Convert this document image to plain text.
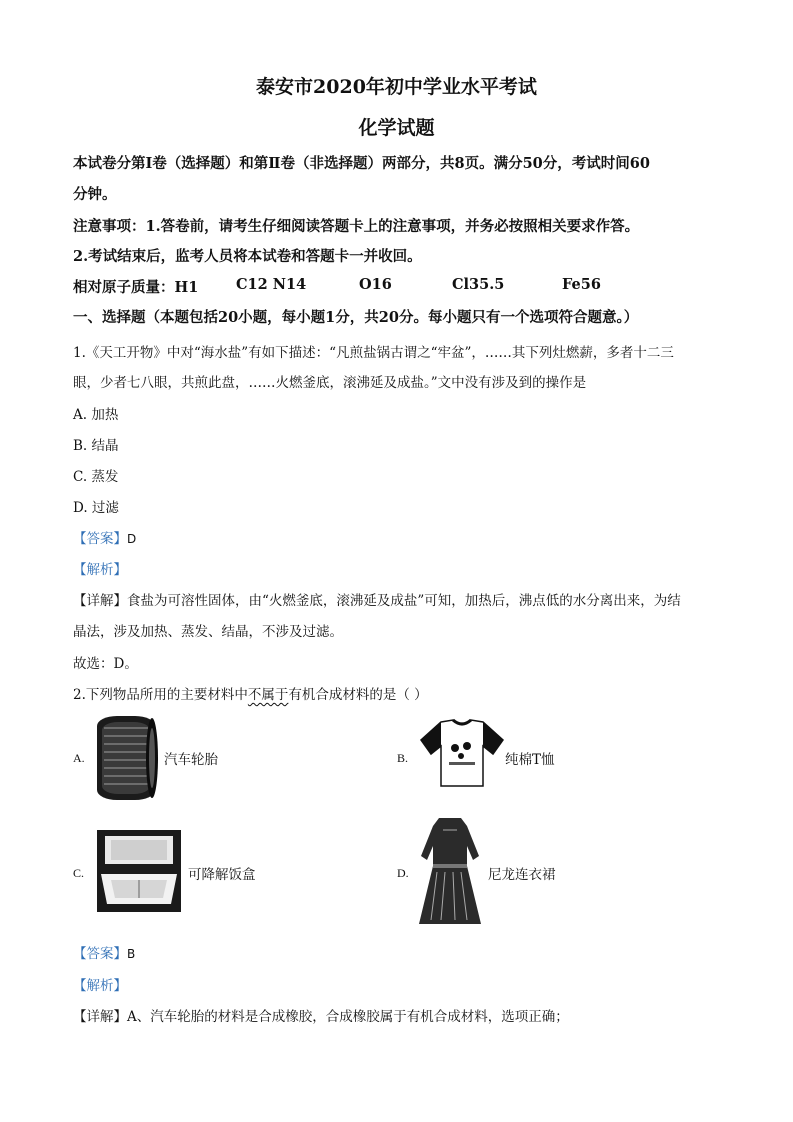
泰安市2020年初中学业水平考试
化学试题
本试卷分第Ⅰ卷（选择题）和第Ⅱ卷（非选择题）两部分，共8页。满分50分，考试时间60
分钟。
注意事项：1.答卷前，请考生仔细阅读答题卡上的注意事项，并务必按照相关要求作答。
2.考试结束后，监考人员将本试卷和答题卡一并收回。
相对原子质量：H1	C12 N14	O16	Cl35.5	Fe56
一、选择题（本题包括20小题，每小题1分，共20分。每小题只有一个选项符合题意。）
1.《天工开物》中对“海水盐”有如下描述：“凡煎盐锅古谓之“牢盆”，……其下列灶燃薪，多者十二三
眼，少者七八眼，共煎此盘，……火燃釜底，滚沸延及成盐。”文中没有涉及到的操作是
A. 加热
B. 结晶
C. 蒸发
D. 过滤
【答案】D
【解析】
【详解】食盐为可溶性固体，由“火燃釜底，滚沸延及成盐”可知，加热后，沸点低的水分离出来，为结
晶法，涉及加热、蒸发、结晶，不涉及过滤。
故选：D。
2.下列物品所用的主要材料中不属于有机合成材料的是（ ）
A.	汽车轮胎	B.	纯棉T恤
C.	可降解饭盒	D.	尼龙连衣裙
【答案】B
【解析】
【详解】A、汽车轮胎的材料是合成橡胶，合成橡胶属于有机合成材料，选项正确；
